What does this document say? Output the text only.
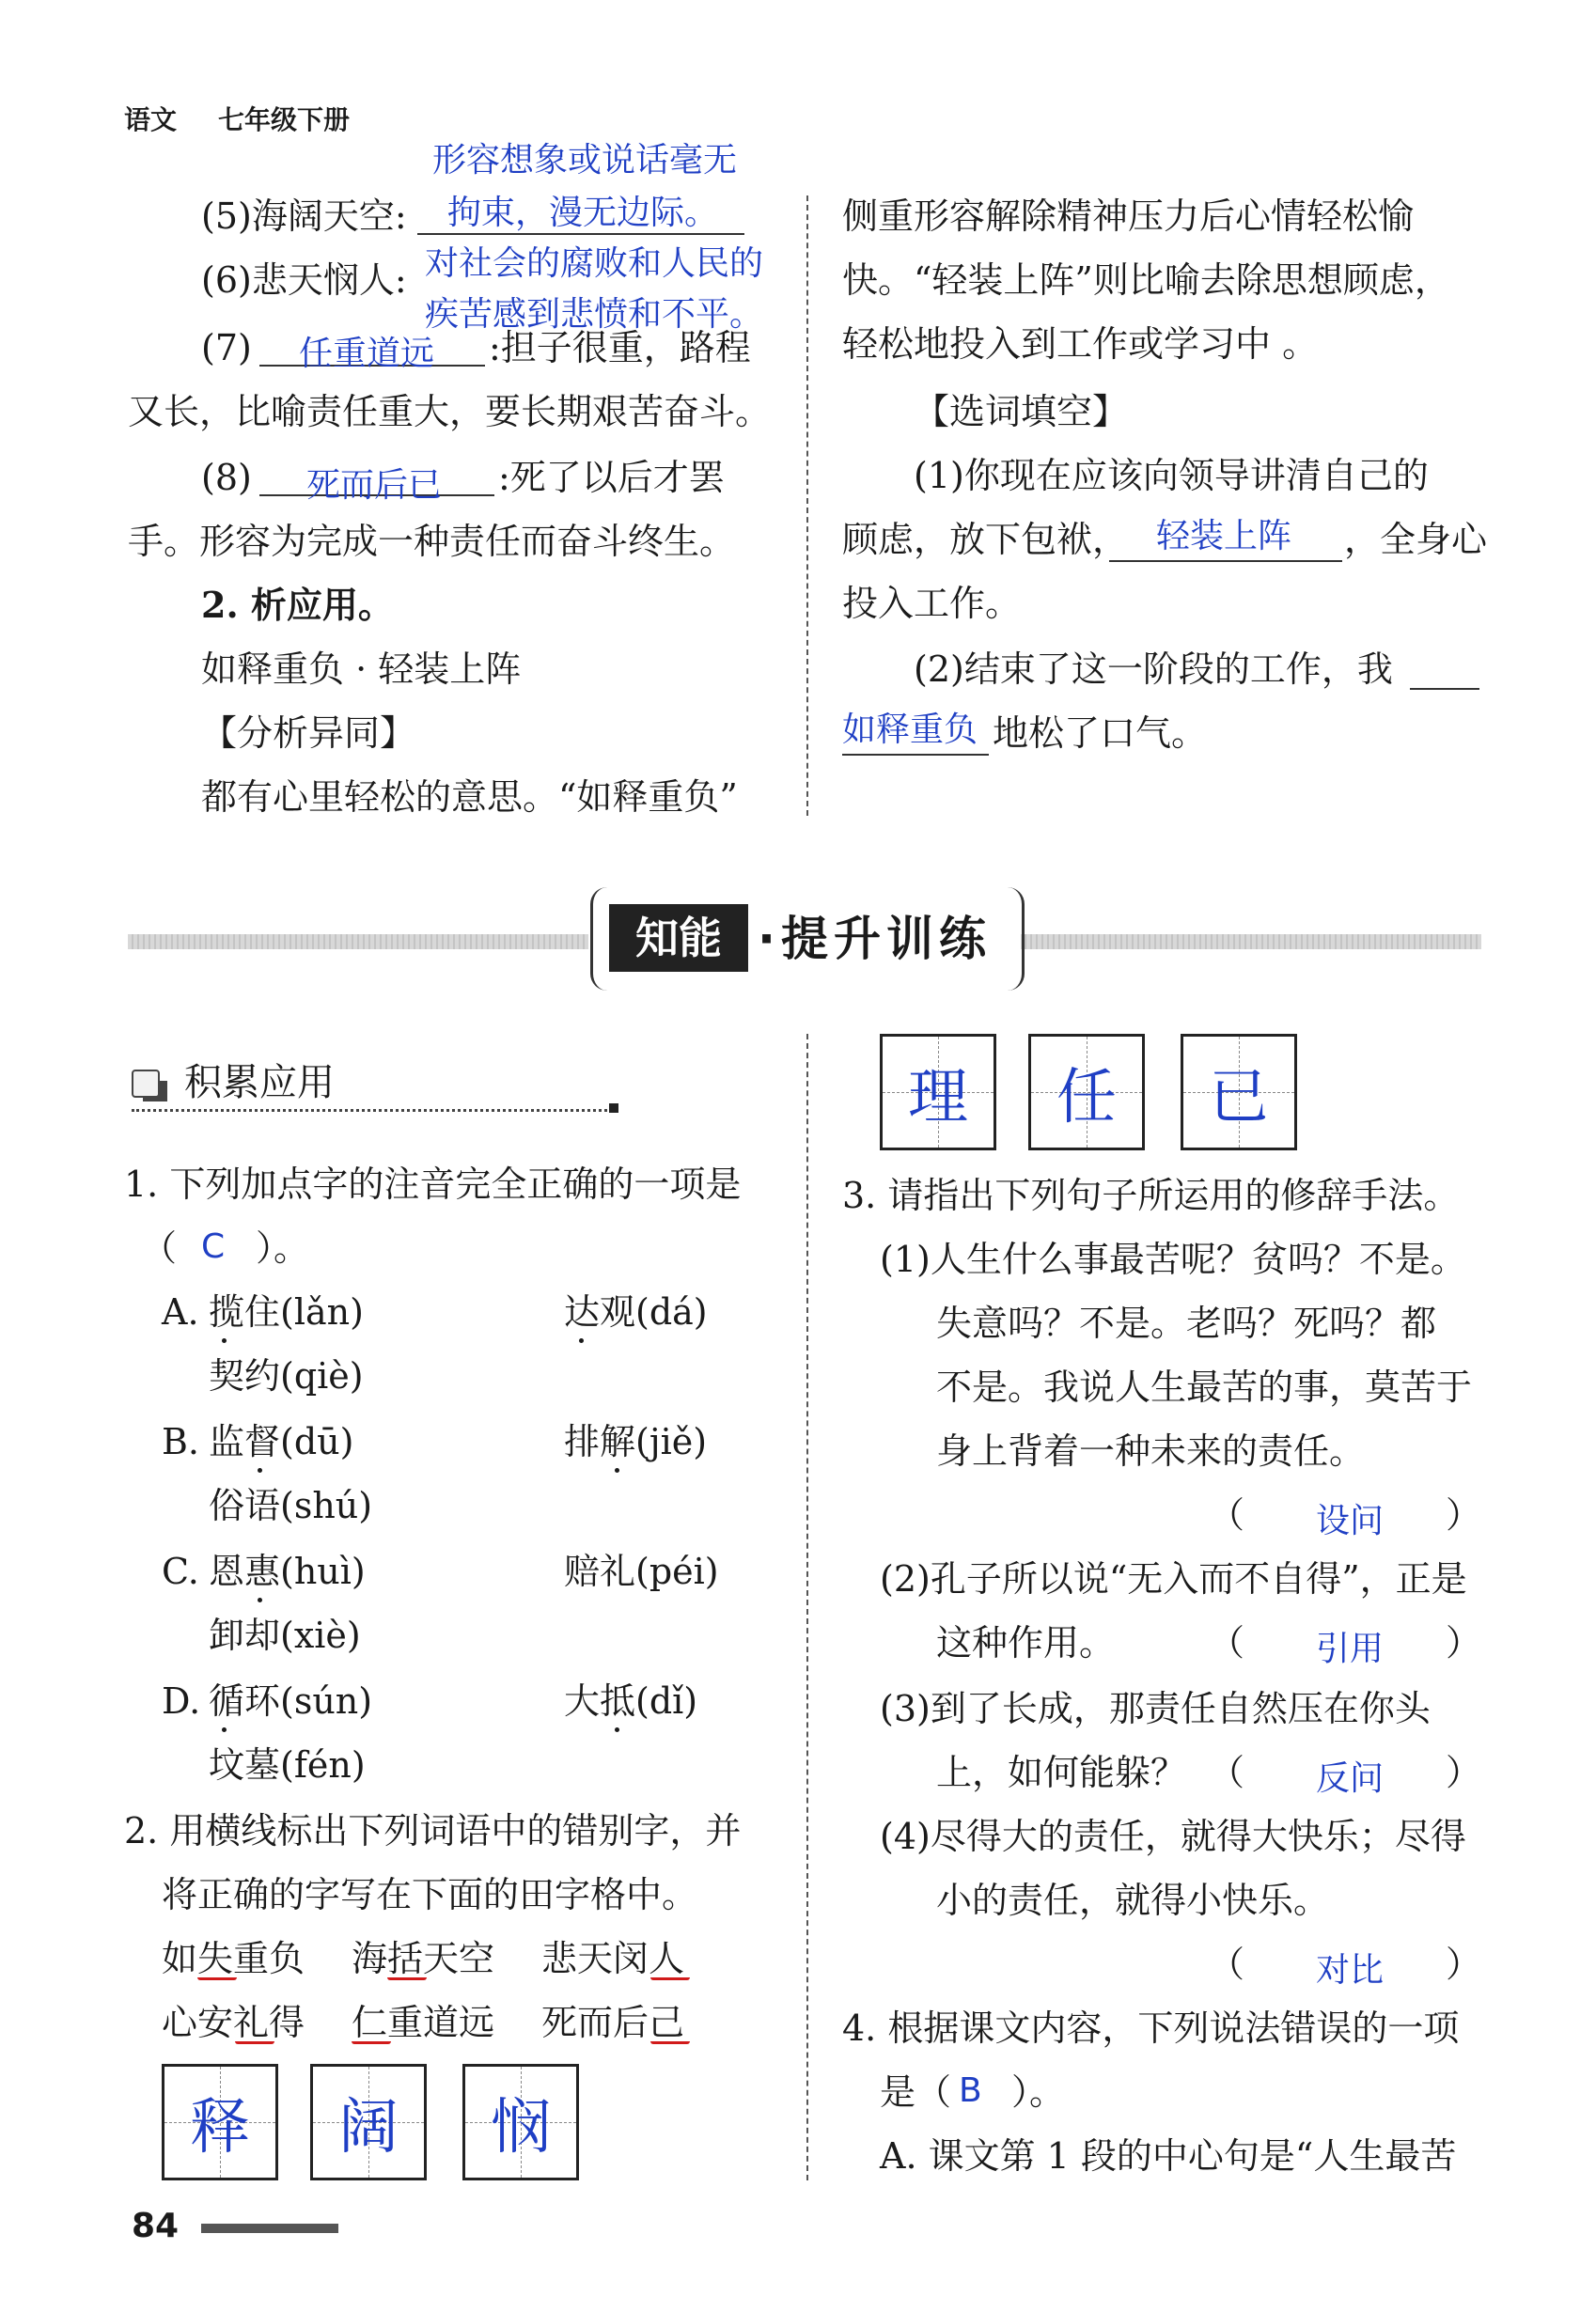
语文 七年级下册
形容想象或说话毫无
(5)海阔天空: 拘束，漫无边际。
(6)悲天悯人: 对社会的腐败和人民的
疾苦感到悲愤和不平。
(7) 任重道远 :担子很重，路程
又长，比喻责任重大，要长期艰苦奋斗。
(8) 死而后已 :死了以后才罢
手。形容为完成一种责任而奋斗终生。
2. 析应用。
如释重负 · 轻装上阵
【分析异同】
都有心里轻松的意思。“如释重负”
侧重形容解除精神压力后心情轻松愉
快。“轻装上阵”则比喻去除思想顾虑，
轻松地投入到工作或学习中 。
【选词填空】
(1)你现在应该向领导讲清自己的
顾虑，放下包袱， 轻装上阵 ，全身心
投入工作。
(2)结束了这一阶段的工作，我
如释重负 地松了口气。
知能 ·提升训练
积累应用
1. 下列加点字的注音完全正确的一项是
（ C ）。
A. 揽住(lǎn)	达观(dá)
契约(qiè)
B. 监督(dū)	排解(jiě)
俗语(shú)
C. 恩惠(huì)	赔礼(péi)
卸却(xiè)
D. 循环(sún)	大抵(dǐ)
坟墓(fén)
2. 用横线标出下列词语中的错别字，并
将正确的字写在下面的田字格中。
如失重负 海括天空 悲天闵人
心安礼得 仁重道远 死而后己
释	阔	悯
理	任	已
3. 请指出下列句子所运用的修辞手法。
(1)人生什么事最苦呢？贫吗？不是。
失意吗？不是。老吗？死吗？都
不是。我说人生最苦的事，莫苦于
身上背着一种未来的责任。
（ 设问 ）
(2)孔子所以说“无入而不自得”，正是
这种作用。	（ 引用 ）
(3)到了长成，那责任自然压在你头
上，如何能躲？ （ 反问 ）
(4)尽得大的责任，就得大快乐；尽得
小的责任，就得小快乐。
（ 对比 ）
4. 根据课文内容，下列说法错误的一项
是（ B ）。
A. 课文第 1 段的中心句是“人生最苦
84
